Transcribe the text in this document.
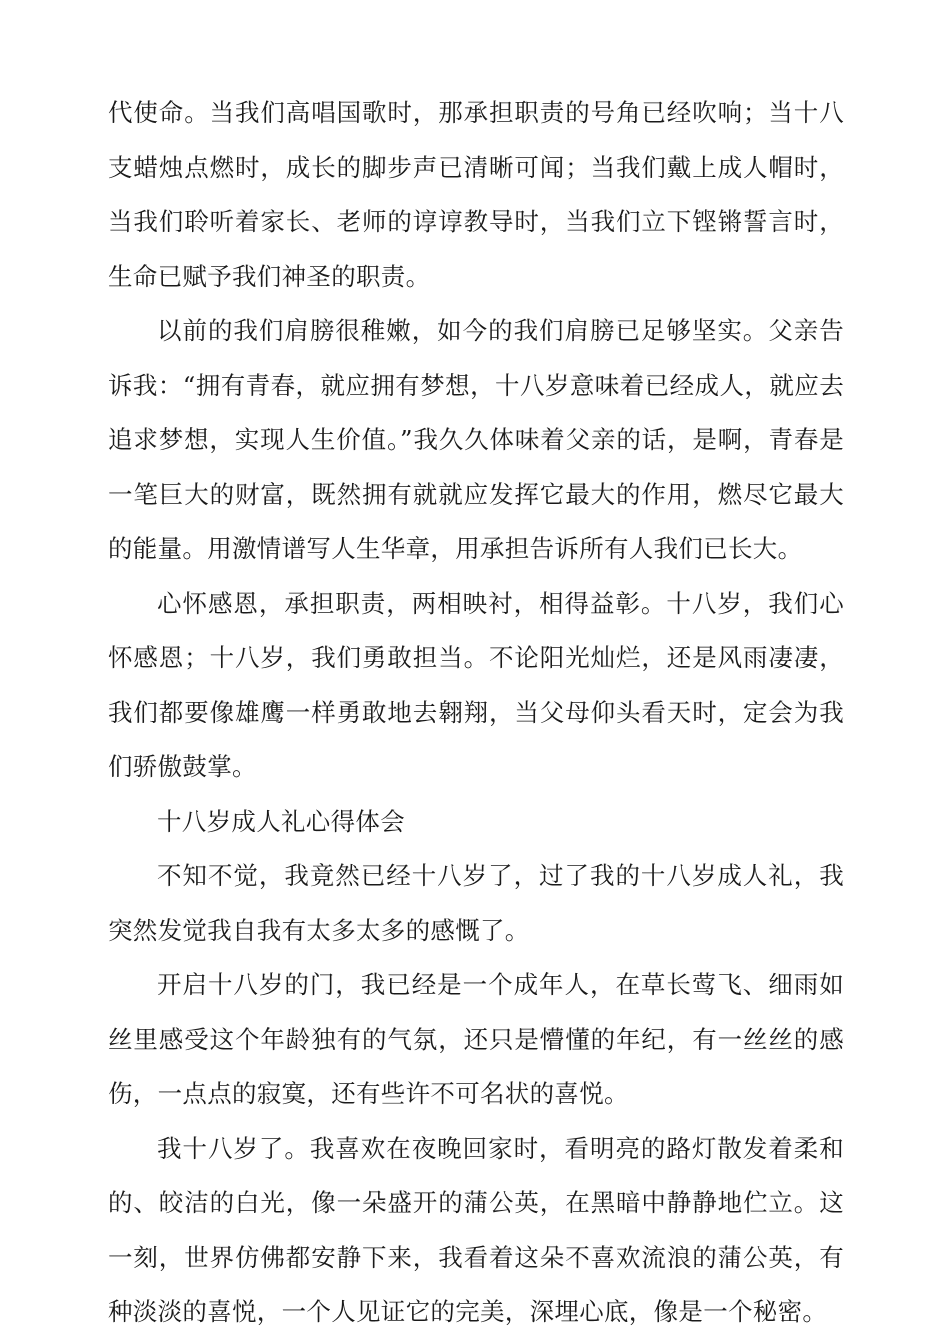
代使命。当我们高唱国歌时，那承担职责的号角已经吹响；当十八支蜡烛点燃时，成长的脚步声已清晰可闻；当我们戴上成人帽时，当我们聆听着家长、老师的谆谆教导时，当我们立下铿锵誓言时，生命已赋予我们神圣的职责。

以前的我们肩膀很稚嫩，如今的我们肩膀已足够坚实。父亲告诉我：“拥有青春，就应拥有梦想，十八岁意味着已经成人，就应去追求梦想，实现人生价值。”我久久体味着父亲的话，是啊，青春是一笔巨大的财富，既然拥有就就应发挥它最大的作用，燃尽它最大的能量。用激情谱写人生华章，用承担告诉所有人我们已长大。

心怀感恩，承担职责，两相映衬，相得益彰。十八岁，我们心怀感恩；十八岁，我们勇敢担当。不论阳光灿烂，还是风雨凄凄，我们都要像雄鹰一样勇敢地去翱翔，当父母仰头看天时，定会为我们骄傲鼓掌。

十八岁成人礼心得体会

不知不觉，我竟然已经十八岁了，过了我的十八岁成人礼，我突然发觉我自我有太多太多的感慨了。

开启十八岁的门，我已经是一个成年人，在草长莺飞、细雨如丝里感受这个年龄独有的气氛，还只是懵懂的年纪，有一丝丝的感伤，一点点的寂寞，还有些许不可名状的喜悦。

我十八岁了。我喜欢在夜晚回家时，看明亮的路灯散发着柔和的、皎洁的白光，像一朵盛开的蒲公英，在黑暗中静静地伫立。这一刻，世界仿佛都安静下来，我看着这朵不喜欢流浪的蒲公英，有种淡淡的喜悦，一个人见证它的完美，深埋心底，像是一个秘密。
